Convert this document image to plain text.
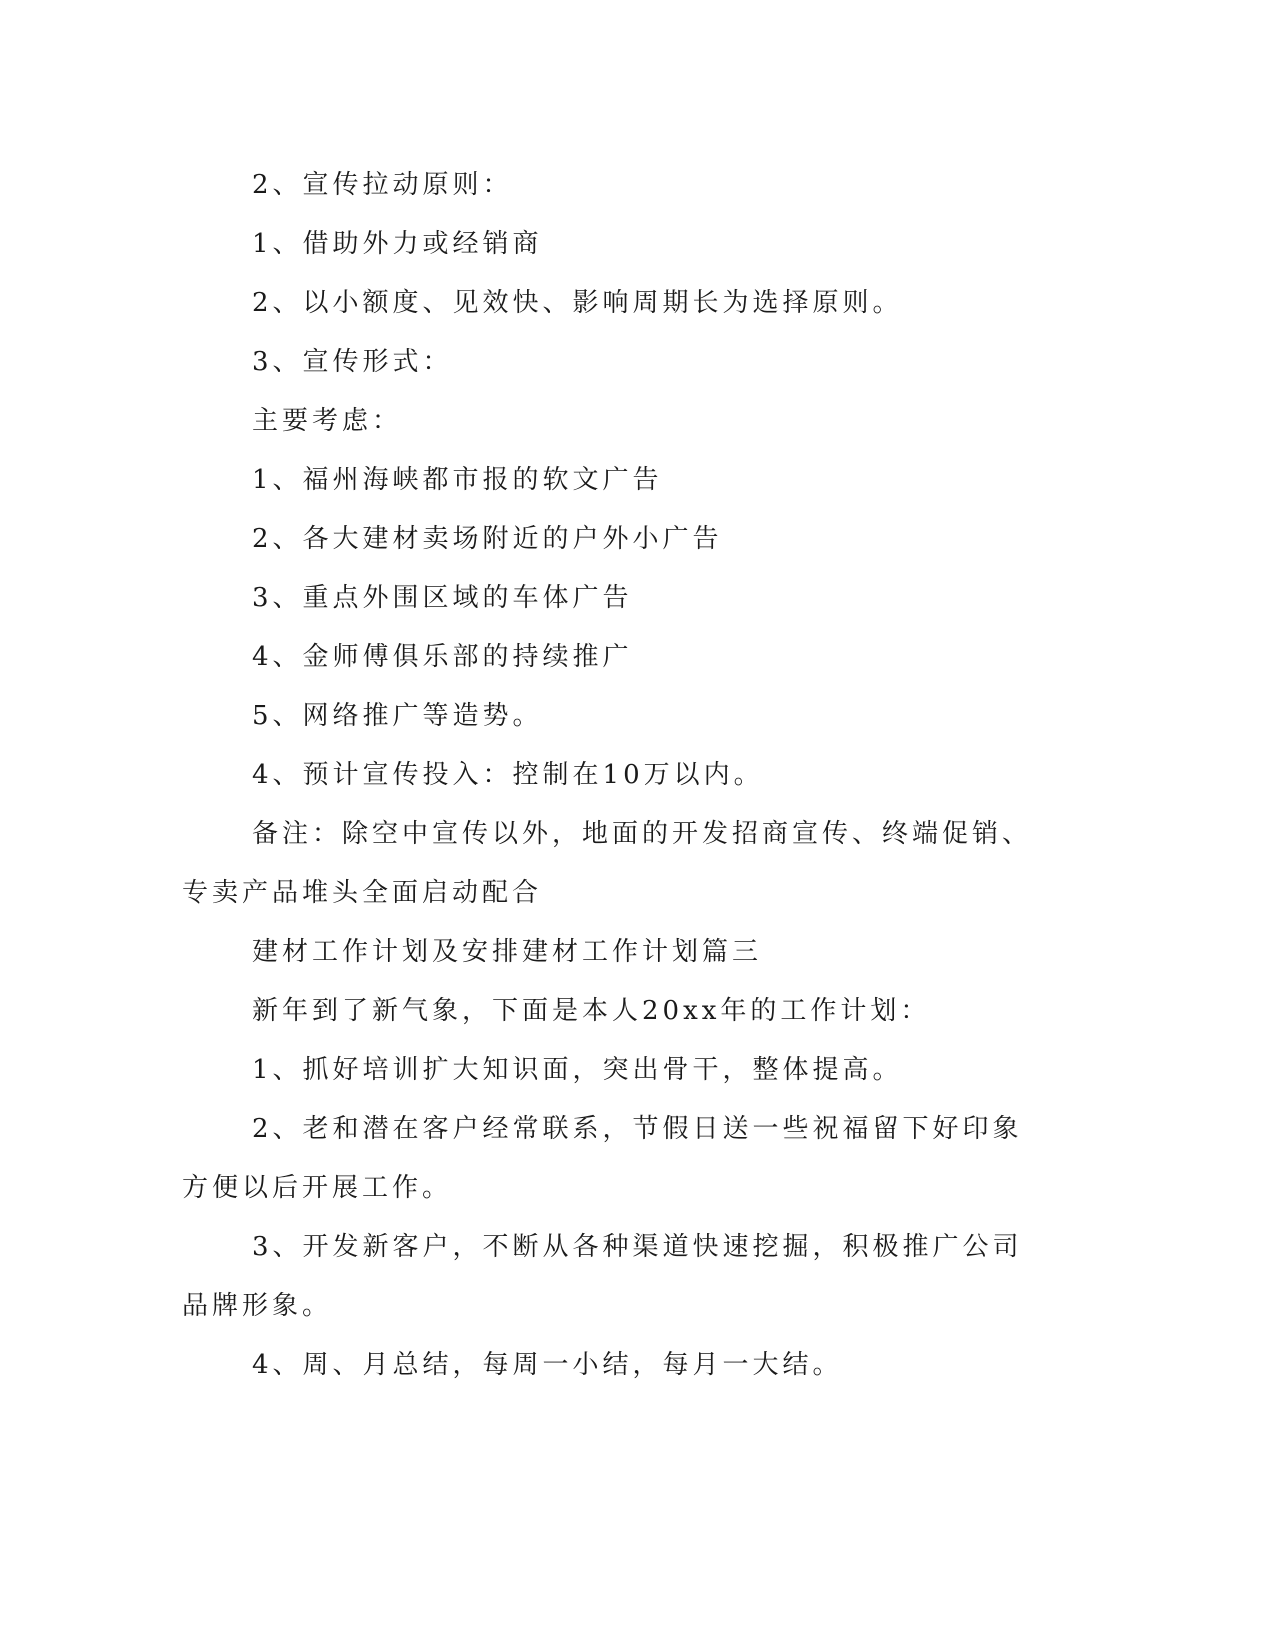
2、宣传拉动原则：

1、借助外力或经销商

2、以小额度、见效快、影响周期长为选择原则。

3、宣传形式：

主要考虑：

1、福州海峡都市报的软文广告

2、各大建材卖场附近的户外小广告

3、重点外围区域的车体广告

4、金师傅俱乐部的持续推广

5、网络推广等造势。

4、预计宣传投入：控制在10万以内。

备注：除空中宣传以外，地面的开发招商宣传、终端促销、专卖产品堆头全面启动配合

建材工作计划及安排建材工作计划篇三

新年到了新气象，下面是本人20xx年的工作计划：

1、抓好培训扩大知识面，突出骨干，整体提高。

2、老和潜在客户经常联系，节假日送一些祝福留下好印象方便以后开展工作。

3、开发新客户，不断从各种渠道快速挖掘，积极推广公司品牌形象。

4、周、月总结，每周一小结，每月一大结。
